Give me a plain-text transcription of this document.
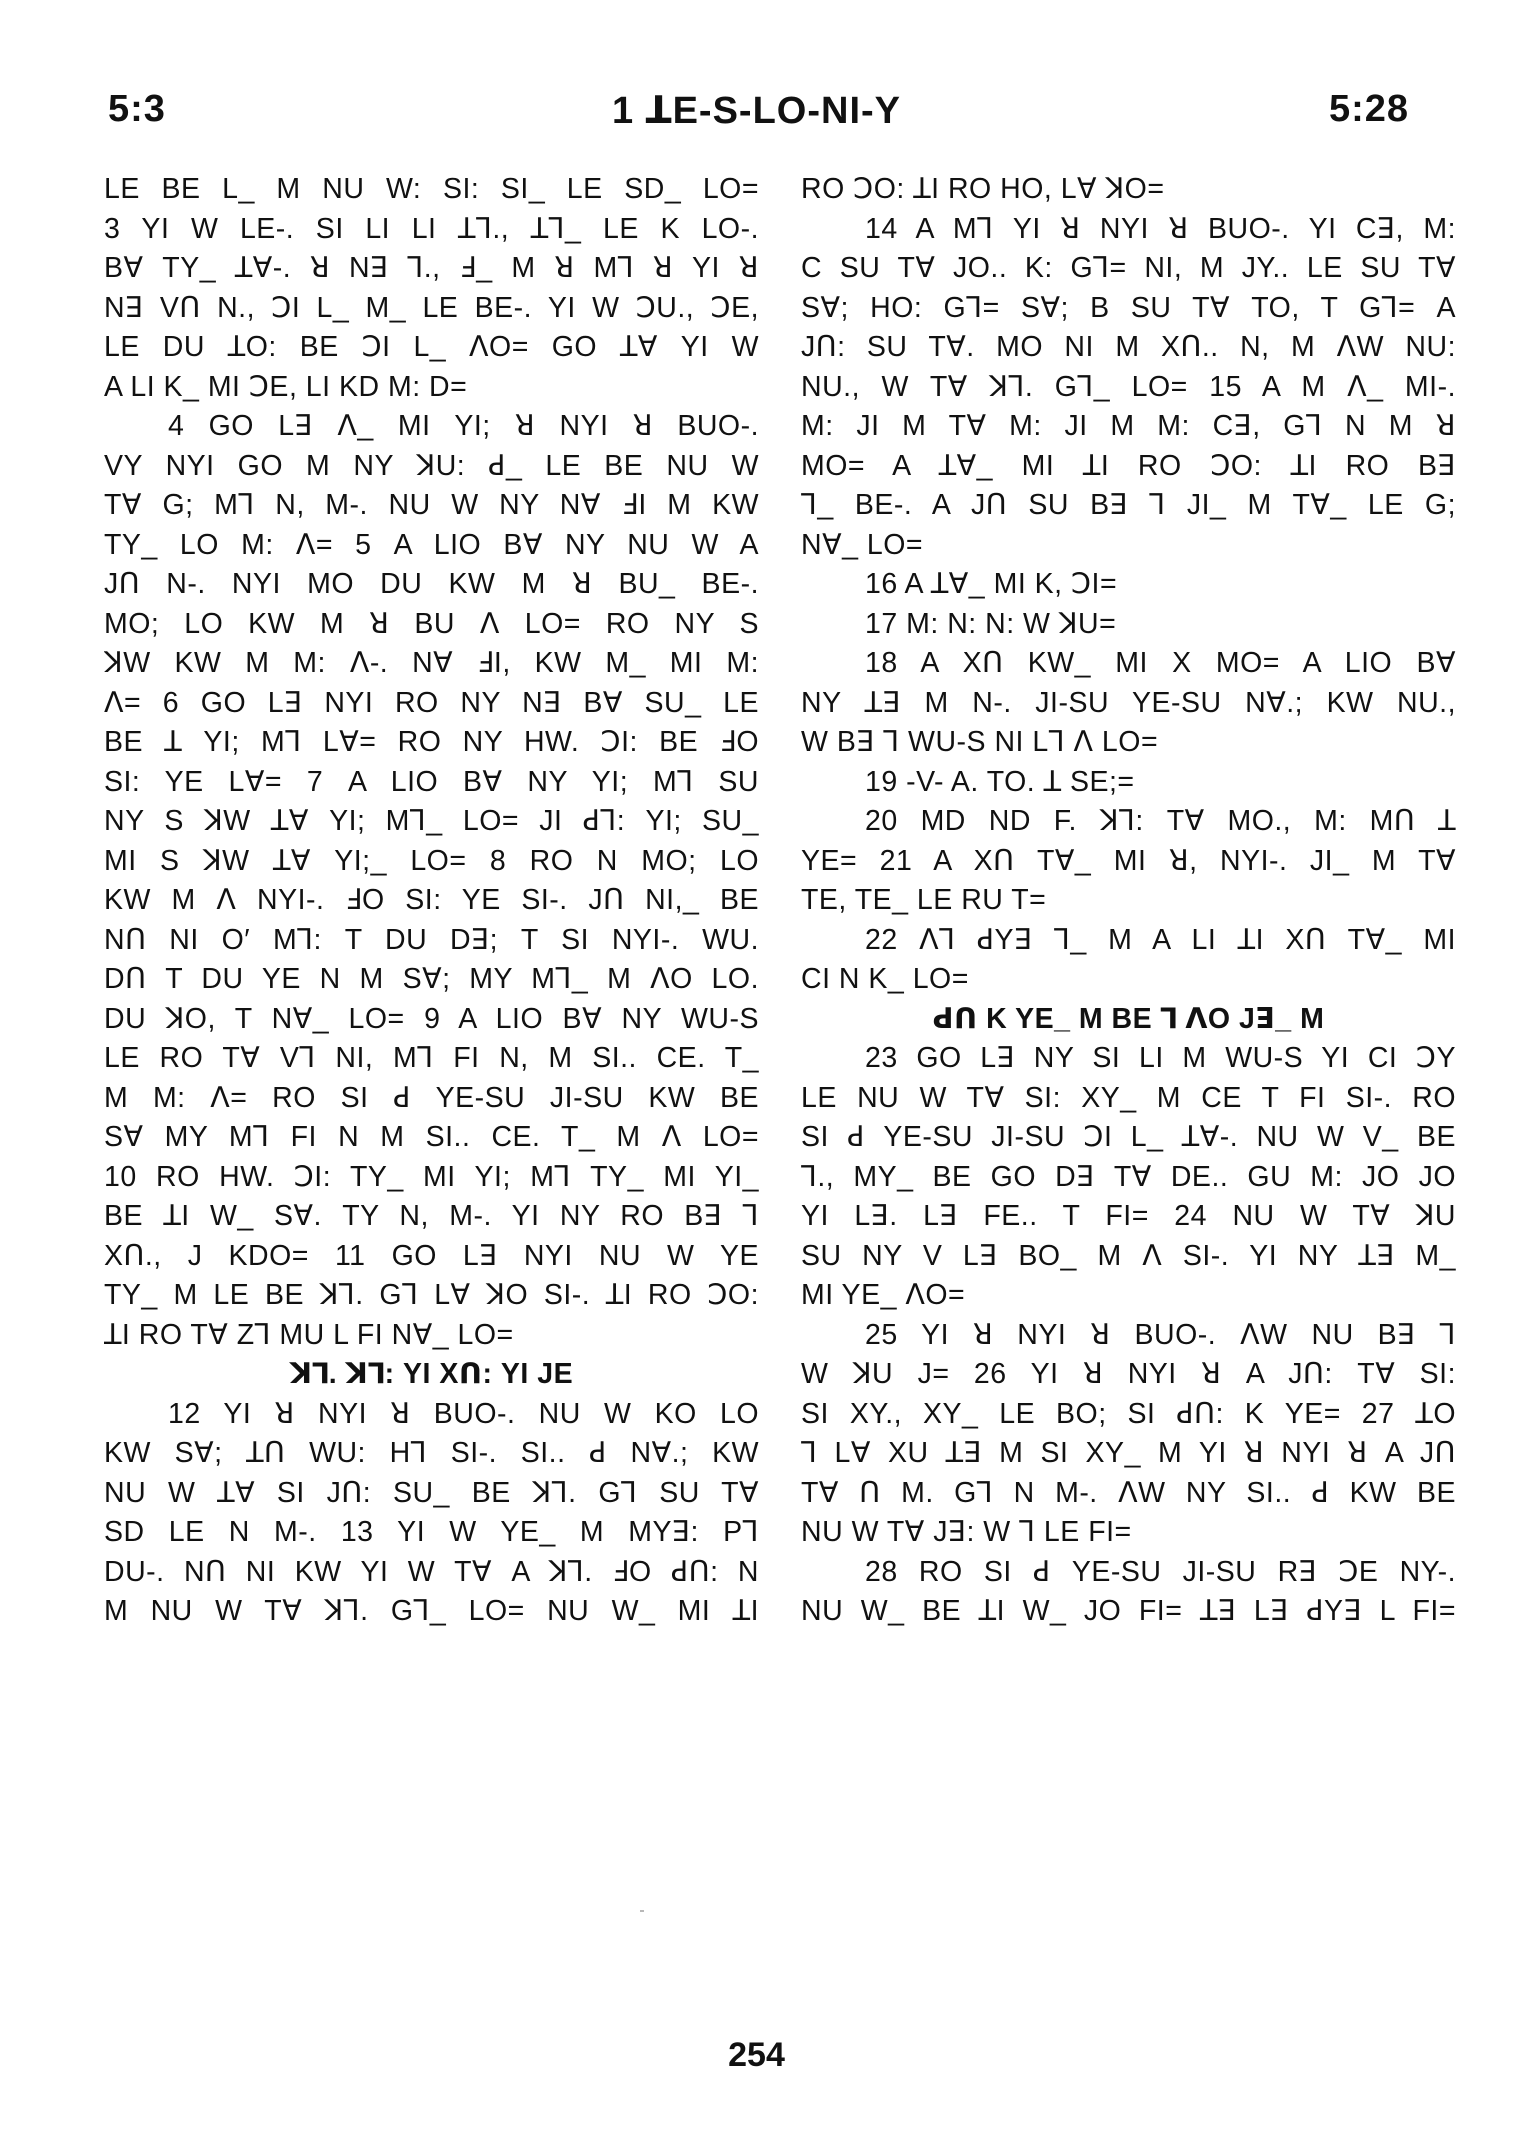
5:3	1 ꓕE-S-LO-NI-Y	5:28
LE BE L_ M NU W: SI: SI_ LE SD_ LO=
3 YI W LE-. SI LI LI ꓕꓶ., ꓕꓶ_ LE K LO-.
Bꓯ TY_ ꓕꓯ-. ꓤ Nꓱ ꓶ., ꓞ_ M ꓤ Mꓶ ꓤ YI ꓤ
Nꓱ Vꓵ N., ꓛI L_ M_ LE BE-. YI W ꓛU., ꓛE,
LE DU ꓕO: BE ꓛI L_ ꓥO= GO ꓕꓯ YI W
A LI K_ MI ꓛE, LI KD M: D=
4 GO Lꓱ ꓥ_ MI YI; ꓤ NYI ꓤ BUO-.
VY NYI GO M NY ꓘU: ꓒ_ LE BE NU W
Tꓯ G; Mꓶ N, M-. NU W NY Nꓯ ꓞI M KW
TY_ LO M: ꓥ= 5 A LIO Bꓯ NY NU W A
Jꓵ N-. NYI MO DU KW M ꓤ BU_ BE-.
MO; LO KW M ꓤ BU ꓥ LO= RO NY S
ꓘW KW M M: ꓥ-. Nꓯ ꓞI, KW M_ MI M:
ꓥ= 6 GO Lꓱ NYI RO NY Nꓱ Bꓯ SU_ LE
BE ꓕ YI; Mꓶ Lꓯ= RO NY HW. ꓛI: BE ꓞO
SI: YE Lꓯ= 7 A LIO Bꓯ NY YI; Mꓶ SU
NY S ꓘW ꓕꓯ YI; Mꓶ_ LO= JI ꓒꓶ: YI; SU_
MI S ꓘW ꓕꓯ YI;_ LO= 8 RO N MO; LO
KW M ꓥ NYI-. ꓞO SI: YE SI-. Jꓵ NI,_ BE
Nꓵ NI O′ Mꓶ: T DU Dꓱ; T SI NYI-. WU.
Dꓵ T DU YE N M Sꓯ; MY Mꓶ_ M ꓥO LO.
DU ꓘO, T Nꓯ_ LO= 9 A LIO Bꓯ NY WU-S
LE RO Tꓯ Vꓶ NI, Mꓶ FI N, M SI.. CE. T_
M M: ꓥ= RO SI ꓒ YE-SU JI-SU KW BE
Sꓯ MY Mꓶ FI N M SI.. CE. T_ M ꓥ LO=
10 RO HW. ꓛI: TY_ MI YI; Mꓶ TY_ MI YI_
BE ꓕI W_ Sꓯ. TY N, M-. YI NY RO Bꓱ ꓶ
Xꓵ., J KDO= 11 GO Lꓱ NYI NU W YE
TY_ M LE BE ꓘꓶ. Gꓶ Lꓯ ꓘO SI-. ꓕI RO ꓛO:
ꓕI RO Tꓯ Zꓶ MU L FI Nꓯ_ LO=
ꓘꓶ. ꓘꓶ: YI Xꓵ: YI JE
12 YI ꓤ NYI ꓤ BUO-. NU W KO LO
KW Sꓯ; ꓕꓵ WU: Hꓶ SI-. SI.. ꓒ Nꓯ.; KW
NU W ꓕꓯ SI Jꓵ: SU_ BE ꓘꓶ. Gꓶ SU Tꓯ
SD LE N M-. 13 YI W YE_ M MYꓱ: Pꓶ
DU-. Nꓵ NI KW YI W Tꓯ A ꓘꓶ. ꓞO ꓒꓵ: N
M NU W Tꓯ ꓘꓶ. Gꓶ_ LO= NU W_ MI ꓕI
RO ꓛO: ꓕI RO HO, Lꓯ ꓘO=
14 A Mꓶ YI ꓤ NYI ꓤ BUO-. YI Cꓱ, M:
C SU Tꓯ JO.. K: Gꓶ= NI, M JY.. LE SU Tꓯ
Sꓯ; HO: Gꓶ= Sꓯ; B SU Tꓯ TO, T Gꓶ= A
Jꓵ: SU Tꓯ. MO NI M Xꓵ.. N, M ꓥW NU:
NU., W Tꓯ ꓘꓶ. Gꓶ_ LO= 15 A M ꓥ_ MI-.
M: JI M Tꓯ M: JI M M: Cꓱ, Gꓶ N M ꓤ
MO= A ꓕꓯ_ MI ꓕI RO ꓛO: ꓕI RO Bꓱ
ꓶ_ BE-. A Jꓵ SU Bꓱ ꓶ JI_ M Tꓯ_ LE G;
Nꓯ_ LO=
16 A ꓕꓯ_ MI K, ꓛI=
17 M: N: N: W ꓘU=
18 A Xꓵ KW_ MI X MO= A LIO Bꓯ
NY ꓕꓱ M N-. JI-SU YE-SU Nꓯ.; KW NU.,
W Bꓱ ꓶ WU-S NI Lꓶ ꓥ LO=
19 -V- A. TO. ꓕ SE;=
20 MD ND F. ꓘꓶ: Tꓯ MO., M: Mꓵ ꓕ
YE= 21 A Xꓵ Tꓯ_ MI ꓤ, NYI-. JI_ M Tꓯ
TE, TE_ LE RU T=
22 ꓥꓶ ꓒYꓱ ꓶ_ M A LI ꓕI Xꓵ Tꓯ_ MI
CI N K_ LO=
ꓒꓵ K YE_ M BE ꓶ ꓥO Jꓱ_ M
23 GO Lꓱ NY SI LI M WU-S YI CI ꓛY
LE NU W Tꓯ SI: XY_ M CE T FI SI-. RO
SI ꓒ YE-SU JI-SU ꓛI L_ ꓕꓯ-. NU W V_ BE
ꓶ., MY_ BE GO Dꓱ Tꓯ DE.. GU M: JO JO
YI Lꓱ. Lꓱ FE.. T FI= 24 NU W Tꓯ ꓘU
SU NY V Lꓱ BO_ M ꓥ SI-. YI NY ꓕꓱ M_
MI YE_ ꓥO=
25 YI ꓤ NYI ꓤ BUO-. ꓥW NU Bꓱ ꓶ
W ꓘU J= 26 YI ꓤ NYI ꓤ A Jꓵ: Tꓯ SI:
SI XY., XY_ LE BO; SI ꓒꓵ: K YE= 27 ꓕO
ꓶ Lꓯ XU ꓕꓱ M SI XY_ M YI ꓤ NYI ꓤ A Jꓵ
Tꓯ ꓵ M. Gꓶ N M-. ꓥW NY SI.. ꓒ KW BE
NU W Tꓯ Jꓱ: W ꓶ LE FI=
28 RO SI ꓒ YE-SU JI-SU Rꓱ ꓛE NY-.
NU W_ BE ꓕI W_ JO FI= ꓕꓱ Lꓱ ꓒYꓱ L FI=
254
